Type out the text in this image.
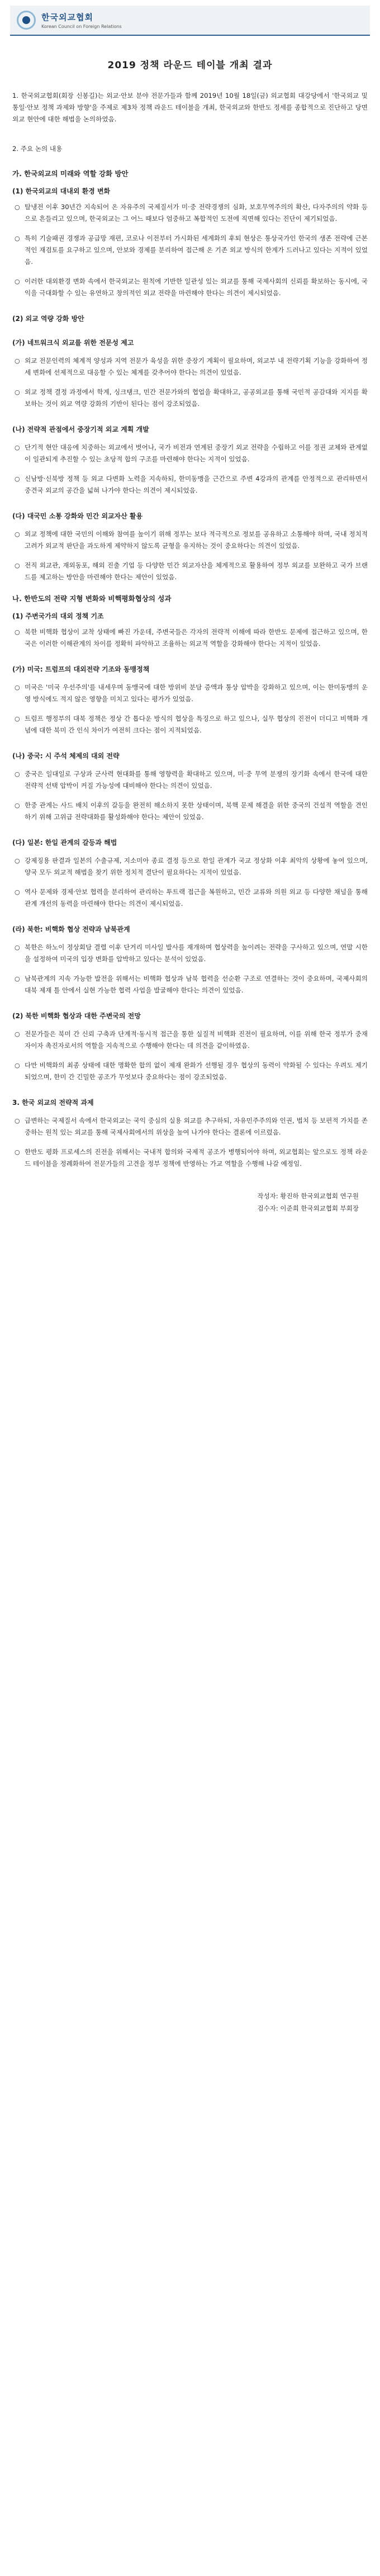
한국외교협회
Korean Council on Foreign Relations
2019 정책 라운드 테이블 개최 결과

1. 한국외교협회(회장 신봉길)는 외교·안보 분야 전문가들과 함께 2019년 10월 18일(금) 외교협회 대강당에서 '한국외교 및 통일·안보 정책 과제와 방향'을 주제로 제3차 정책 라운드 테이블을 개최, 한국외교와 한반도 정세를 종합적으로 진단하고 당면 외교 현안에 대한 해법을 논의하였음.

2. 주요 논의 내용

가. 한국외교의 미래와 역할 강화 방안
(1) 한국외교의 대내외 환경 변화
○ 탈냉전 이후 30년간 지속되어 온 자유주의 국제질서가 미·중 전략경쟁의 심화, 보호무역주의의 확산, 다자주의의 약화 등으로 흔들리고 있으며, 한국외교는 그 어느 때보다 엄중하고 복합적인 도전에 직면해 있다는 진단이 제기되었음.
○ 특히 기술패권 경쟁과 공급망 재편, 코로나 이전부터 가시화된 세계화의 후퇴 현상은 통상국가인 한국의 생존 전략에 근본적인 재검토를 요구하고 있으며, 안보와 경제를 분리하여 접근해 온 기존 외교 방식의 한계가 드러나고 있다는 지적이 있었음.
○ 이러한 대외환경 변화 속에서 한국외교는 원칙에 기반한 일관성 있는 외교를 통해 국제사회의 신뢰를 확보하는 동시에, 국익을 극대화할 수 있는 유연하고 창의적인 외교 전략을 마련해야 한다는 의견이 제시되었음.
(2) 외교 역량 강화 방안
(가) 네트워크식 외교를 위한 전문성 제고
○ 외교 전문인력의 체계적 양성과 지역 전문가 육성을 위한 중장기 계획이 필요하며, 외교부 내 전략기획 기능을 강화하여 정세 변화에 선제적으로 대응할 수 있는 체계를 갖추어야 한다는 의견이 있었음.
○ 외교 정책 결정 과정에서 학계, 싱크탱크, 민간 전문가와의 협업을 확대하고, 공공외교를 통해 국민적 공감대와 지지를 확보하는 것이 외교 역량 강화의 기반이 된다는 점이 강조되었음.
(나) 전략적 관점에서 중장기적 외교 계획 개발
○ 단기적 현안 대응에 치중하는 외교에서 벗어나, 국가 비전과 연계된 중장기 외교 전략을 수립하고 이를 정권 교체와 관계없이 일관되게 추진할 수 있는 초당적 합의 구조를 마련해야 한다는 지적이 있었음.
○ 신남방·신북방 정책 등 외교 다변화 노력을 지속하되, 한미동맹을 근간으로 주변 4강과의 관계를 안정적으로 관리하면서 중견국 외교의 공간을 넓혀 나가야 한다는 의견이 제시되었음.
(다) 대국민 소통 강화와 민간 외교자산 활용
○ 외교 정책에 대한 국민의 이해와 참여를 높이기 위해 정부는 보다 적극적으로 정보를 공유하고 소통해야 하며, 국내 정치적 고려가 외교적 판단을 과도하게 제약하지 않도록 균형을 유지하는 것이 중요하다는 의견이 있었음.
○ 전직 외교관, 재외동포, 해외 진출 기업 등 다양한 민간 외교자산을 체계적으로 활용하여 정부 외교를 보완하고 국가 브랜드를 제고하는 방안을 마련해야 한다는 제안이 있었음.
나. 한반도의 전략 지형 변화와 비핵평화협상의 성과
(1) 주변국가의 대외 정책 기조
○ 북한 비핵화 협상이 교착 상태에 빠진 가운데, 주변국들은 각자의 전략적 이해에 따라 한반도 문제에 접근하고 있으며, 한국은 이러한 이해관계의 차이를 정확히 파악하고 조율하는 외교적 역할을 강화해야 한다는 지적이 있었음.
(가) 미국: 트럼프의 대외전략 기조와 동맹정책
○ 미국은 '미국 우선주의'를 내세우며 동맹국에 대한 방위비 분담 증액과 통상 압박을 강화하고 있으며, 이는 한미동맹의 운영 방식에도 적지 않은 영향을 미치고 있다는 평가가 있었음.
○ 트럼프 행정부의 대북 정책은 정상 간 톱다운 방식의 협상을 특징으로 하고 있으나, 실무 협상의 진전이 더디고 비핵화 개념에 대한 북미 간 인식 차이가 여전히 크다는 점이 지적되었음.
(나) 중국: 시 주석 체제의 대외 전략
○ 중국은 일대일로 구상과 군사력 현대화를 통해 영향력을 확대하고 있으며, 미·중 무역 분쟁의 장기화 속에서 한국에 대한 전략적 선택 압박이 커질 가능성에 대비해야 한다는 의견이 있었음.
○ 한중 관계는 사드 배치 이후의 갈등을 완전히 해소하지 못한 상태이며, 북핵 문제 해결을 위한 중국의 건설적 역할을 견인하기 위해 고위급 전략대화를 활성화해야 한다는 제안이 있었음.
(다) 일본: 한일 관계의 갈등과 해법
○ 강제징용 판결과 일본의 수출규제, 지소미아 종료 결정 등으로 한일 관계가 국교 정상화 이후 최악의 상황에 놓여 있으며, 양국 모두 외교적 해법을 찾기 위한 정치적 결단이 필요하다는 지적이 있었음.
○ 역사 문제와 경제·안보 협력을 분리하여 관리하는 투트랙 접근을 복원하고, 민간 교류와 의원 외교 등 다양한 채널을 통해 관계 개선의 동력을 마련해야 한다는 의견이 제시되었음.
(라) 북한: 비핵화 협상 전략과 남북관계
○ 북한은 하노이 정상회담 결렬 이후 단거리 미사일 발사를 재개하며 협상력을 높이려는 전략을 구사하고 있으며, 연말 시한을 설정하여 미국의 입장 변화를 압박하고 있다는 분석이 있었음.
○ 남북관계의 지속 가능한 발전을 위해서는 비핵화 협상과 남북 협력을 선순환 구조로 연결하는 것이 중요하며, 국제사회의 대북 제재 틀 안에서 실현 가능한 협력 사업을 발굴해야 한다는 의견이 있었음.
(2) 북한 비핵화 협상과 대한 주변국의 전망
○ 전문가들은 북미 간 신뢰 구축과 단계적·동시적 접근을 통한 실질적 비핵화 진전이 필요하며, 이를 위해 한국 정부가 중재자이자 촉진자로서의 역할을 지속적으로 수행해야 한다는 데 의견을 같이하였음.
○ 다만 비핵화의 최종 상태에 대한 명확한 합의 없이 제재 완화가 선행될 경우 협상의 동력이 약화될 수 있다는 우려도 제기되었으며, 한미 간 긴밀한 공조가 무엇보다 중요하다는 점이 강조되었음.
3. 한국 외교의 전략적 과제
○ 급변하는 국제질서 속에서 한국외교는 국익 중심의 실용 외교를 추구하되, 자유민주주의와 인권, 법치 등 보편적 가치를 존중하는 원칙 있는 외교를 통해 국제사회에서의 위상을 높여 나가야 한다는 결론에 이르렀음.
○ 한반도 평화 프로세스의 진전을 위해서는 국내적 합의와 국제적 공조가 병행되어야 하며, 외교협회는 앞으로도 정책 라운드 테이블을 정례화하여 전문가들의 고견을 정부 정책에 반영하는 가교 역할을 수행해 나갈 예정임.
작성자: 황진하 한국외교협회 연구원
검수자: 이준희 한국외교협회 부회장
